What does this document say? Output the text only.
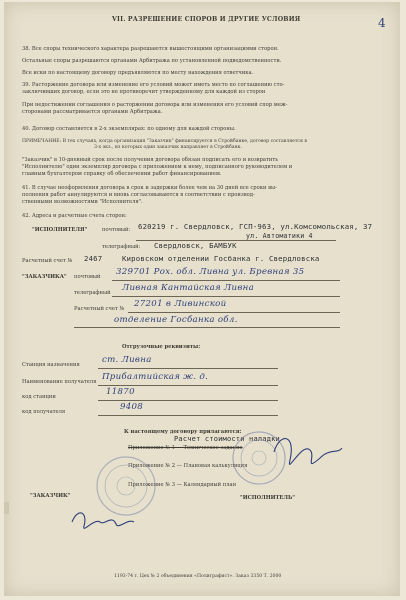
4
VII. РАЗРЕШЕНИЕ СПОРОВ И ДРУГИЕ УСЛОВИЯ
38. Все споры технического характера разрешаются вышестоящими организациями сторон.
Остальные споры разрешаются органами Арбитража по установленной подведомственности.
Все иски по настоящему договору предъявляются по месту нахождения ответчика.
39. Расторжение договора или изменение его условий может иметь место по соглашению сто-
заключивших договор, если это не противоречит утвержденному для каждой из сторон
При недостижении соглашения о расторжении договора или изменения его условий спор меж-
сторонами рассматривается органами Арбитража.
40. Договор составляется в 2-х экземплярах: по одному для каждой стороны.
ПРИМЕЧАНИЕ: В тех случаях, когда организация "Заказчик" финансируется в Стройбанке, договор составляется в
3-х экз., из которых один заказчик направляет в Стройбанк.
"Заказчик" в 10-дневный срок после получения договора обязан подписать его и возвратить
"Исполнителю" один экземпляр договора с приложением к нему, подписанного руководителем и
главным бухгалтером справку об обеспечении работ финансированием.
41. В случае неоформления договора в срок и задержки более чем на 30 дней все сроки вы-
полнения работ аннулируются и вновь согласовываются в соответствии с производ-
ственными возможностями "Исполнителя".
42. Адреса и расчетные счета сторон:
"ИСПОЛНИТЕЛЯ"	почтовый: 620219 г. Свердловск, ГСП-963, ул.Комсомольская, 37
ул. Автоматики 4
телеграфный: Свердловск, БАМБУК
Расчетный счет № 2467	Кировском отделении Госбанка г. Свердловска
"ЗАКАЗЧИКА" почтовый 329701 Рох. обл. Ливна ул. Бревная 35
телеграфный Ливная Кантайская Ливна
Расчетный счет № 27201 в Ливинской
отделение Госбанка обл.
Отгрузочные реквизиты:
Станция назначения	ст. Ливна
Наименование получателя Прибалтийская ж. д.
код станции	11870
код получателя	9408
К настоящему договору прилагаются:
Расчет стоимости наладки
Приложение № 1 — Техническое задание
Приложение № 2 — Плановая калькуляция
Приложение № 3 — Календарный план
"ЗАКАЗЧИК"	"ИСПОЛНИТЕЛЬ"
1193-74 г. Цех № 2 объединения «Полиграфист». Заказ 3350 Т. 2000
